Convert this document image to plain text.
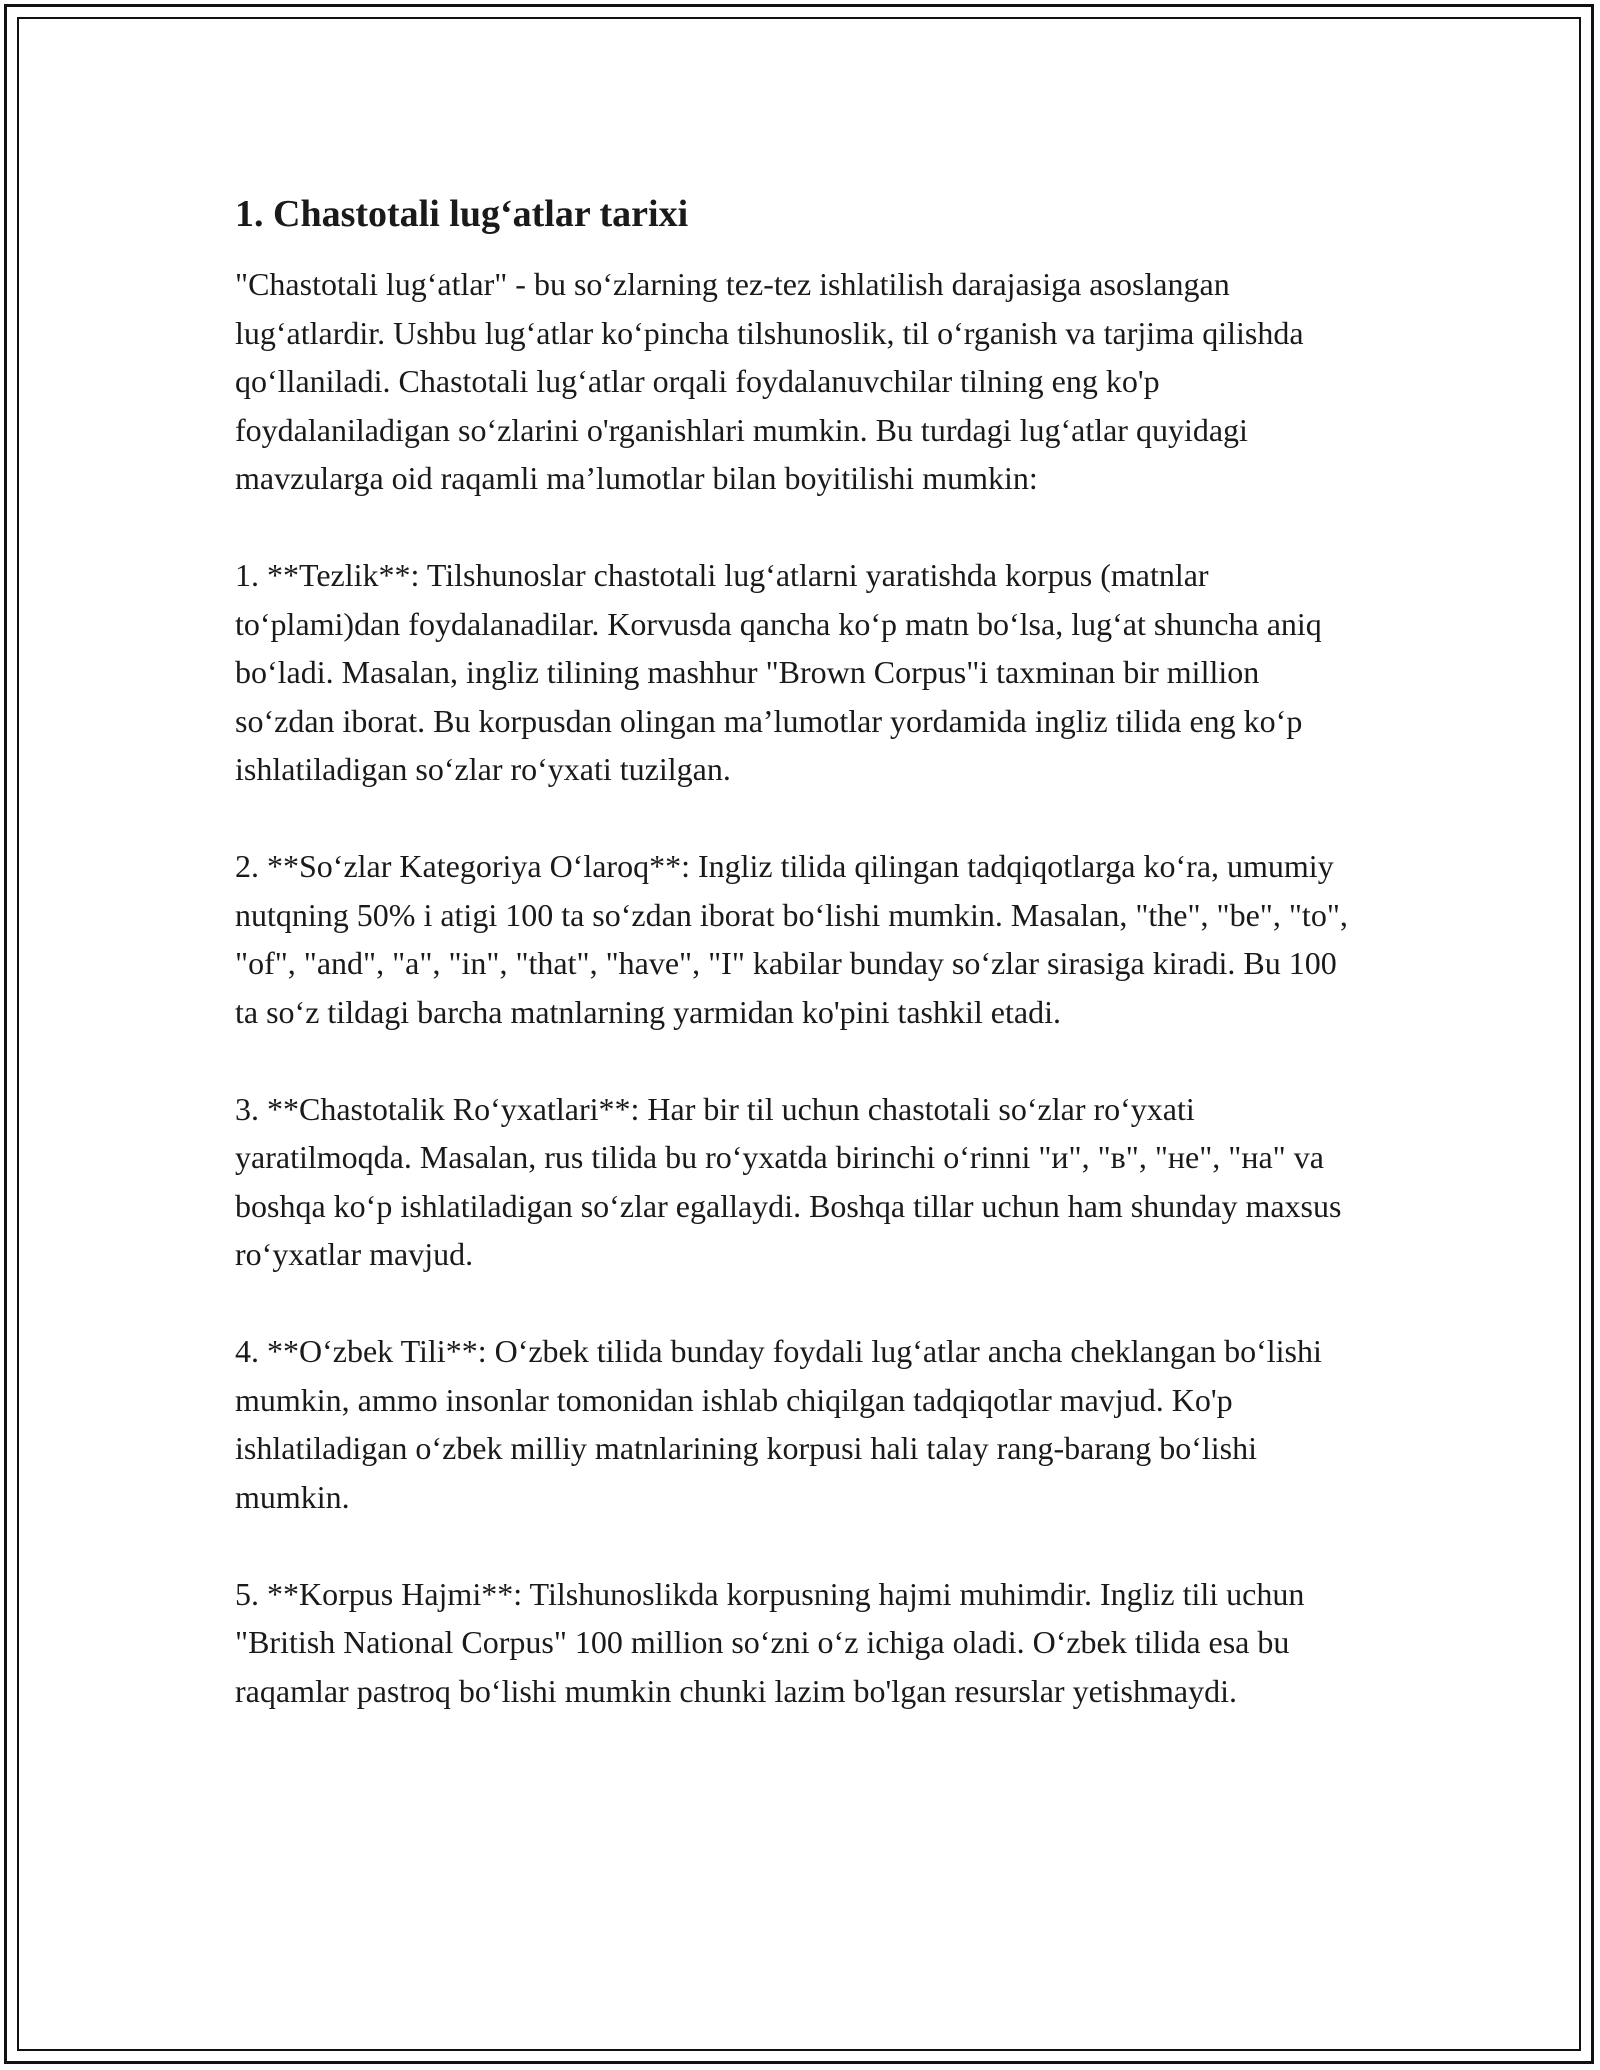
1. Chastotali lug‘atlar tarixi

"Chastotali lug‘atlar" - bu so‘zlarning tez-tez ishlatilish darajasiga asoslangan lug‘atlardir. Ushbu lug‘atlar ko‘pincha tilshunoslik, til o‘rganish va tarjima qilishda qo‘llaniladi. Chastotali lug‘atlar orqali foydalanuvchilar tilning eng ko'p foydalaniladigan so‘zlarini o'rganishlari mumkin. Bu turdagi lug‘atlar quyidagi mavzularga oid raqamli ma’lumotlar bilan boyitilishi mumkin:

1. **Tezlik**: Tilshunoslar chastotali lug‘atlarni yaratishda korpus (matnlar to‘plami)dan foydalanadilar. Korvusda qancha ko‘p matn bo‘lsa, lug‘at shuncha aniq bo‘ladi. Masalan, ingliz tilining mashhur "Brown Corpus"i taxminan bir million so‘zdan iborat. Bu korpusdan olingan ma’lumotlar yordamida ingliz tilida eng ko‘p ishlatiladigan so‘zlar ro‘yxati tuzilgan.

2. **So‘zlar Kategoriya O‘laroq**: Ingliz tilida qilingan tadqiqotlarga ko‘ra, umumiy nutqning 50% i atigi 100 ta so‘zdan iborat bo‘lishi mumkin. Masalan, "the", "be", "to", "of", "and", "a", "in", "that", "have", "I" kabilar bunday so‘zlar sirasiga kiradi. Bu 100 ta so‘z tildagi barcha matnlarning yarmidan ko'pini tashkil etadi.

3. **Chastotalik Ro‘yxatlari**: Har bir til uchun chastotali so‘zlar ro‘yxati yaratilmoqda. Masalan, rus tilida bu ro‘yxatda birinchi o‘rinni "и", "в", "не", "на" va boshqa ko‘p ishlatiladigan so‘zlar egallaydi. Boshqa tillar uchun ham shunday maxsus ro‘yxatlar mavjud.

4. **O‘zbek Tili**: O‘zbek tilida bunday foydali lug‘atlar ancha cheklangan bo‘lishi mumkin, ammo insonlar tomonidan ishlab chiqilgan tadqiqotlar mavjud. Ko'p ishlatiladigan o‘zbek milliy matnlarining korpusi hali talay rang-barang bo‘lishi mumkin.

5. **Korpus Hajmi**: Tilshunoslikda korpusning hajmi muhimdir. Ingliz tili uchun "British National Corpus" 100 million so‘zni o‘z ichiga oladi. O‘zbek tilida esa bu raqamlar pastroq bo‘lishi mumkin chunki lazim bo'lgan resurslar yetishmaydi.
